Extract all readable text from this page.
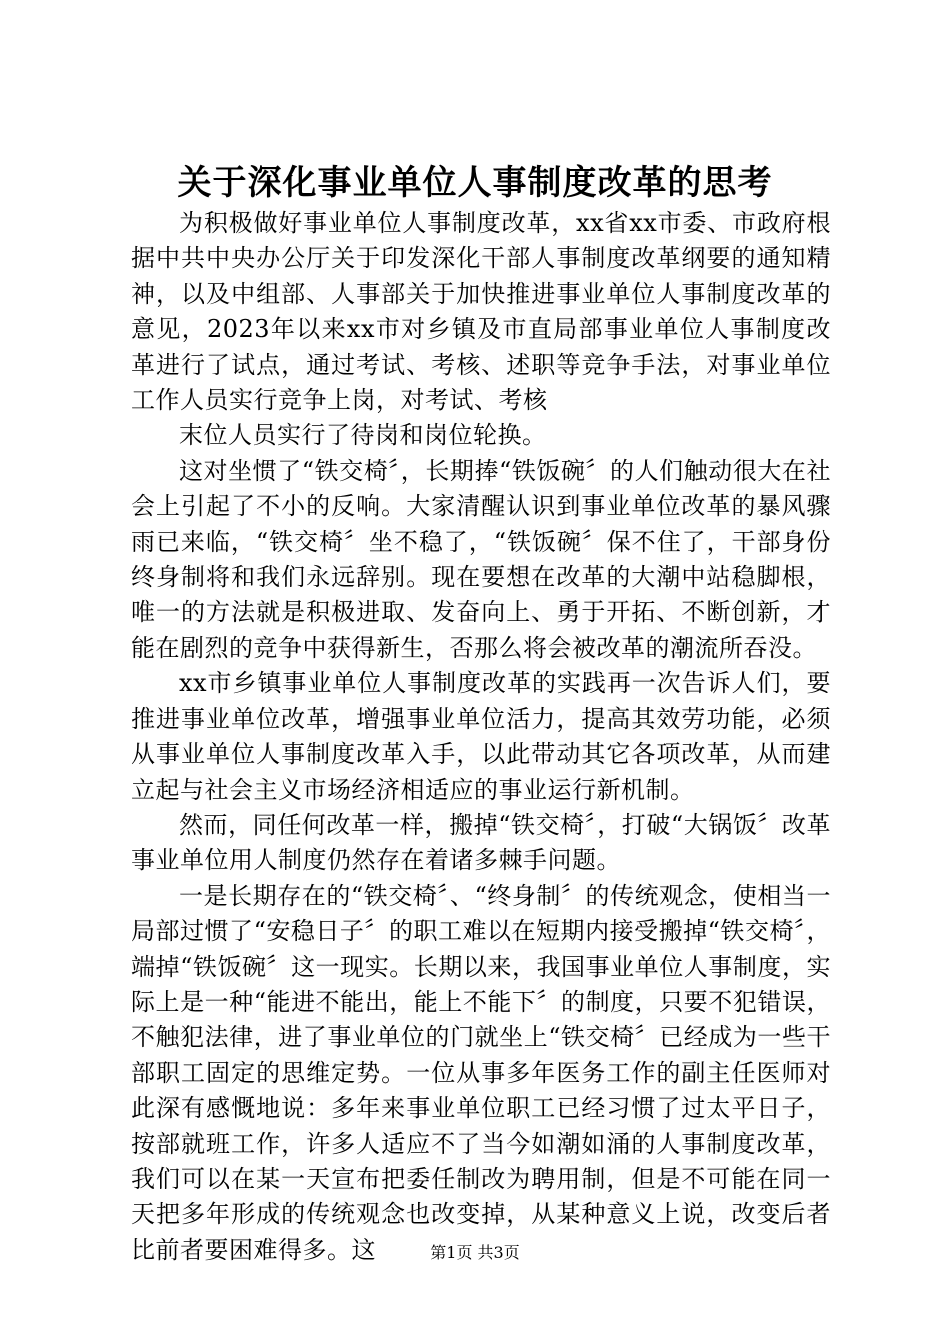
关于深化事业单位人事制度改革的思考

为积极做好事业单位人事制度改革，xx省xx市委、市政府根据中共中央办公厅关于印发深化干部人事制度改革纲要的通知精神，以及中组部、人事部关于加快推进事业单位人事制度改革的意见，2023年以来xx市对乡镇及市直局部事业单位人事制度改革进行了试点，通过考试、考核、述职等竞争手法，对事业单位工作人员实行竞争上岗，对考试、考核

末位人员实行了待岗和岗位轮换。

这对坐惯了“铁交椅〞，长期捧“铁饭碗〞的人们触动很大在社会上引起了不小的反响。大家清醒认识到事业单位改革的暴风骤雨已来临，“铁交椅〞坐不稳了，“铁饭碗〞保不住了，干部身份终身制将和我们永远辞别。现在要想在改革的大潮中站稳脚根，唯一的方法就是积极进取、发奋向上、勇于开拓、不断创新，才能在剧烈的竞争中获得新生，否那么将会被改革的潮流所吞没。

xx市乡镇事业单位人事制度改革的实践再一次告诉人们，要推进事业单位改革，增强事业单位活力，提高其效劳功能，必须从事业单位人事制度改革入手，以此带动其它各项改革，从而建立起与社会主义市场经济相适应的事业运行新机制。

然而，同任何改革一样，搬掉“铁交椅〞，打破“大锅饭〞改革事业单位用人制度仍然存在着诸多棘手问题。

一是长期存在的“铁交椅〞、“终身制〞的传统观念，使相当一局部过惯了“安稳日子〞的职工难以在短期内接受搬掉“铁交椅〞，端掉“铁饭碗〞这一现实。长期以来，我国事业单位人事制度，实际上是一种“能进不能出，能上不能下〞的制度，只要不犯错误，不触犯法律，进了事业单位的门就坐上“铁交椅〞已经成为一些干部职工固定的思维定势。一位从事多年医务工作的副主任医师对此深有感慨地说：多年来事业单位职工已经习惯了过太平日子，按部就班工作，许多人适应不了当今如潮如涌的人事制度改革，我们可以在某一天宣布把委任制改为聘用制，但是不可能在同一天把多年形成的传统观念也改变掉，从某种意义上说，改变后者比前者要困难得多。这	第1页 共3页
